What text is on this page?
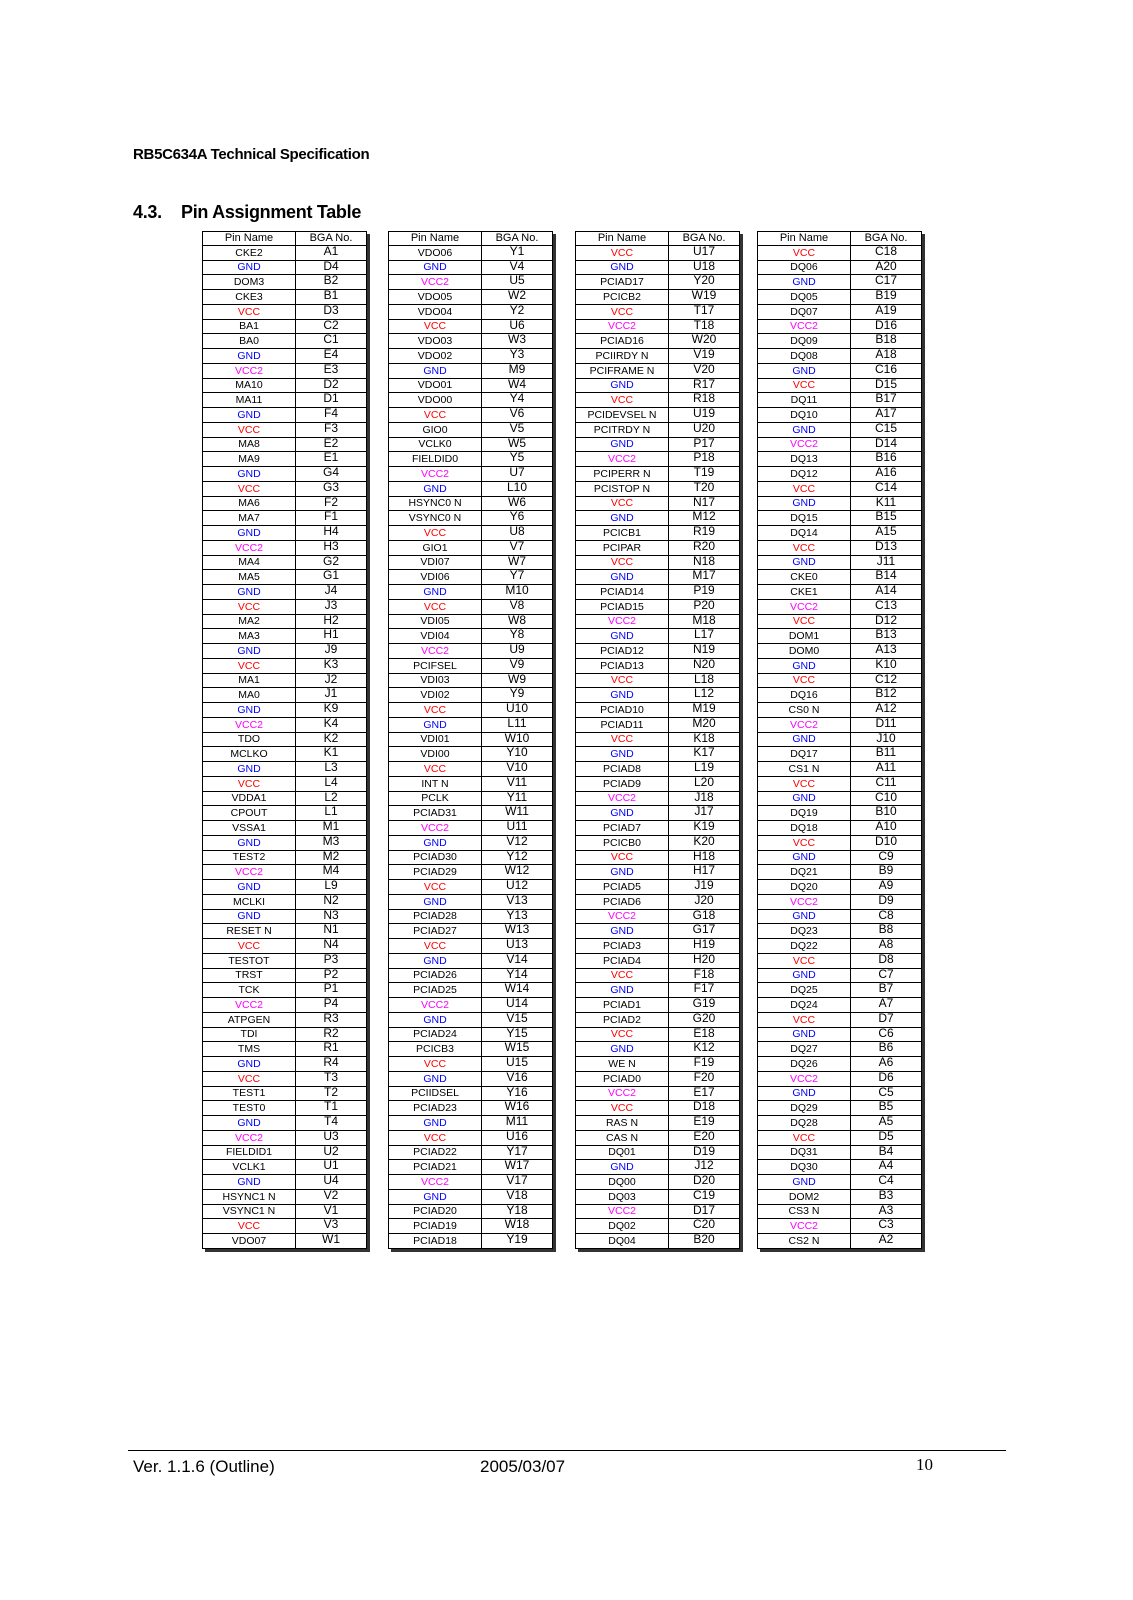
RB5C634A Technical Specification
4.3. Pin Assignment Table
Pin Name	BGA No.
CKE2	A1
GND	D4
DOM3	B2
CKE3	B1
VCC	D3
BA1	C2
BA0	C1
GND	E4
VCC2	E3
MA10	D2
MA11	D1
GND	F4
VCC	F3
MA8	E2
MA9	E1
GND	G4
VCC	G3
MA6	F2
MA7	F1
GND	H4
VCC2	H3
MA4	G2
MA5	G1
GND	J4
VCC	J3
MA2	H2
MA3	H1
GND	J9
VCC	K3
MA1	J2
MA0	J1
GND	K9
VCC2	K4
TDO	K2
MCLKO	K1
GND	L3
VCC	L4
VDDA1	L2
CPOUT	L1
VSSA1	M1
GND	M3
TEST2	M2
VCC2	M4
GND	L9
MCLKI	N2
GND	N3
RESET N	N1
VCC	N4
TESTOT	P3
TRST	P2
TCK	P1
VCC2	P4
ATPGEN	R3
TDI	R2
TMS	R1
GND	R4
VCC	T3
TEST1	T2
TEST0	T1
GND	T4
VCC2	U3
FIELDID1	U2
VCLK1	U1
GND	U4
HSYNC1 N	V2
VSYNC1 N	V1
VCC	V3
VDO07	W1
Pin Name	BGA No.
VDO06	Y1
GND	V4
VCC2	U5
VDO05	W2
VDO04	Y2
VCC	U6
VDO03	W3
VDO02	Y3
GND	M9
VDO01	W4
VDO00	Y4
VCC	V6
GIO0	V5
VCLK0	W5
FIELDID0	Y5
VCC2	U7
GND	L10
HSYNC0 N	W6
VSYNC0 N	Y6
VCC	U8
GIO1	V7
VDI07	W7
VDI06	Y7
GND	M10
VCC	V8
VDI05	W8
VDI04	Y8
VCC2	U9
PCIFSEL	V9
VDI03	W9
VDI02	Y9
VCC	U10
GND	L11
VDI01	W10
VDI00	Y10
VCC	V10
INT N	V11
PCLK	Y11
PCIAD31	W11
VCC2	U11
GND	V12
PCIAD30	Y12
PCIAD29	W12
VCC	U12
GND	V13
PCIAD28	Y13
PCIAD27	W13
VCC	U13
GND	V14
PCIAD26	Y14
PCIAD25	W14
VCC2	U14
GND	V15
PCIAD24	Y15
PCICB3	W15
VCC	U15
GND	V16
PCIIDSEL	Y16
PCIAD23	W16
GND	M11
VCC	U16
PCIAD22	Y17
PCIAD21	W17
VCC2	V17
GND	V18
PCIAD20	Y18
PCIAD19	W18
PCIAD18	Y19
Pin Name	BGA No.
VCC	U17
GND	U18
PCIAD17	Y20
PCICB2	W19
VCC	T17
VCC2	T18
PCIAD16	W20
PCIIRDY N	V19
PCIFRAME N	V20
GND	R17
VCC	R18
PCIDEVSEL N	U19
PCITRDY N	U20
GND	P17
VCC2	P18
PCIPERR N	T19
PCISTOP N	T20
VCC	N17
GND	M12
PCICB1	R19
PCIPAR	R20
VCC	N18
GND	M17
PCIAD14	P19
PCIAD15	P20
VCC2	M18
GND	L17
PCIAD12	N19
PCIAD13	N20
VCC	L18
GND	L12
PCIAD10	M19
PCIAD11	M20
VCC	K18
GND	K17
PCIAD8	L19
PCIAD9	L20
VCC2	J18
GND	J17
PCIAD7	K19
PCICB0	K20
VCC	H18
GND	H17
PCIAD5	J19
PCIAD6	J20
VCC2	G18
GND	G17
PCIAD3	H19
PCIAD4	H20
VCC	F18
GND	F17
PCIAD1	G19
PCIAD2	G20
VCC	E18
GND	K12
WE N	F19
PCIAD0	F20
VCC2	E17
VCC	D18
RAS N	E19
CAS N	E20
DQ01	D19
GND	J12
DQ00	D20
DQ03	C19
VCC2	D17
DQ02	C20
DQ04	B20
Pin Name	BGA No.
VCC	C18
DQ06	A20
GND	C17
DQ05	B19
DQ07	A19
VCC2	D16
DQ09	B18
DQ08	A18
GND	C16
VCC	D15
DQ11	B17
DQ10	A17
GND	C15
VCC2	D14
DQ13	B16
DQ12	A16
VCC	C14
GND	K11
DQ15	B15
DQ14	A15
VCC	D13
GND	J11
CKE0	B14
CKE1	A14
VCC2	C13
VCC	D12
DOM1	B13
DOM0	A13
GND	K10
VCC	C12
DQ16	B12
CS0 N	A12
VCC2	D11
GND	J10
DQ17	B11
CS1 N	A11
VCC	C11
GND	C10
DQ19	B10
DQ18	A10
VCC	D10
GND	C9
DQ21	B9
DQ20	A9
VCC2	D9
GND	C8
DQ23	B8
DQ22	A8
VCC	D8
GND	C7
DQ25	B7
DQ24	A7
VCC	D7
GND	C6
DQ27	B6
DQ26	A6
VCC2	D6
GND	C5
DQ29	B5
DQ28	A5
VCC	D5
DQ31	B4
DQ30	A4
GND	C4
DOM2	B3
CS3 N	A3
VCC2	C3
CS2 N	A2
Ver. 1.1.6 (Outline)	2005/03/07	10
